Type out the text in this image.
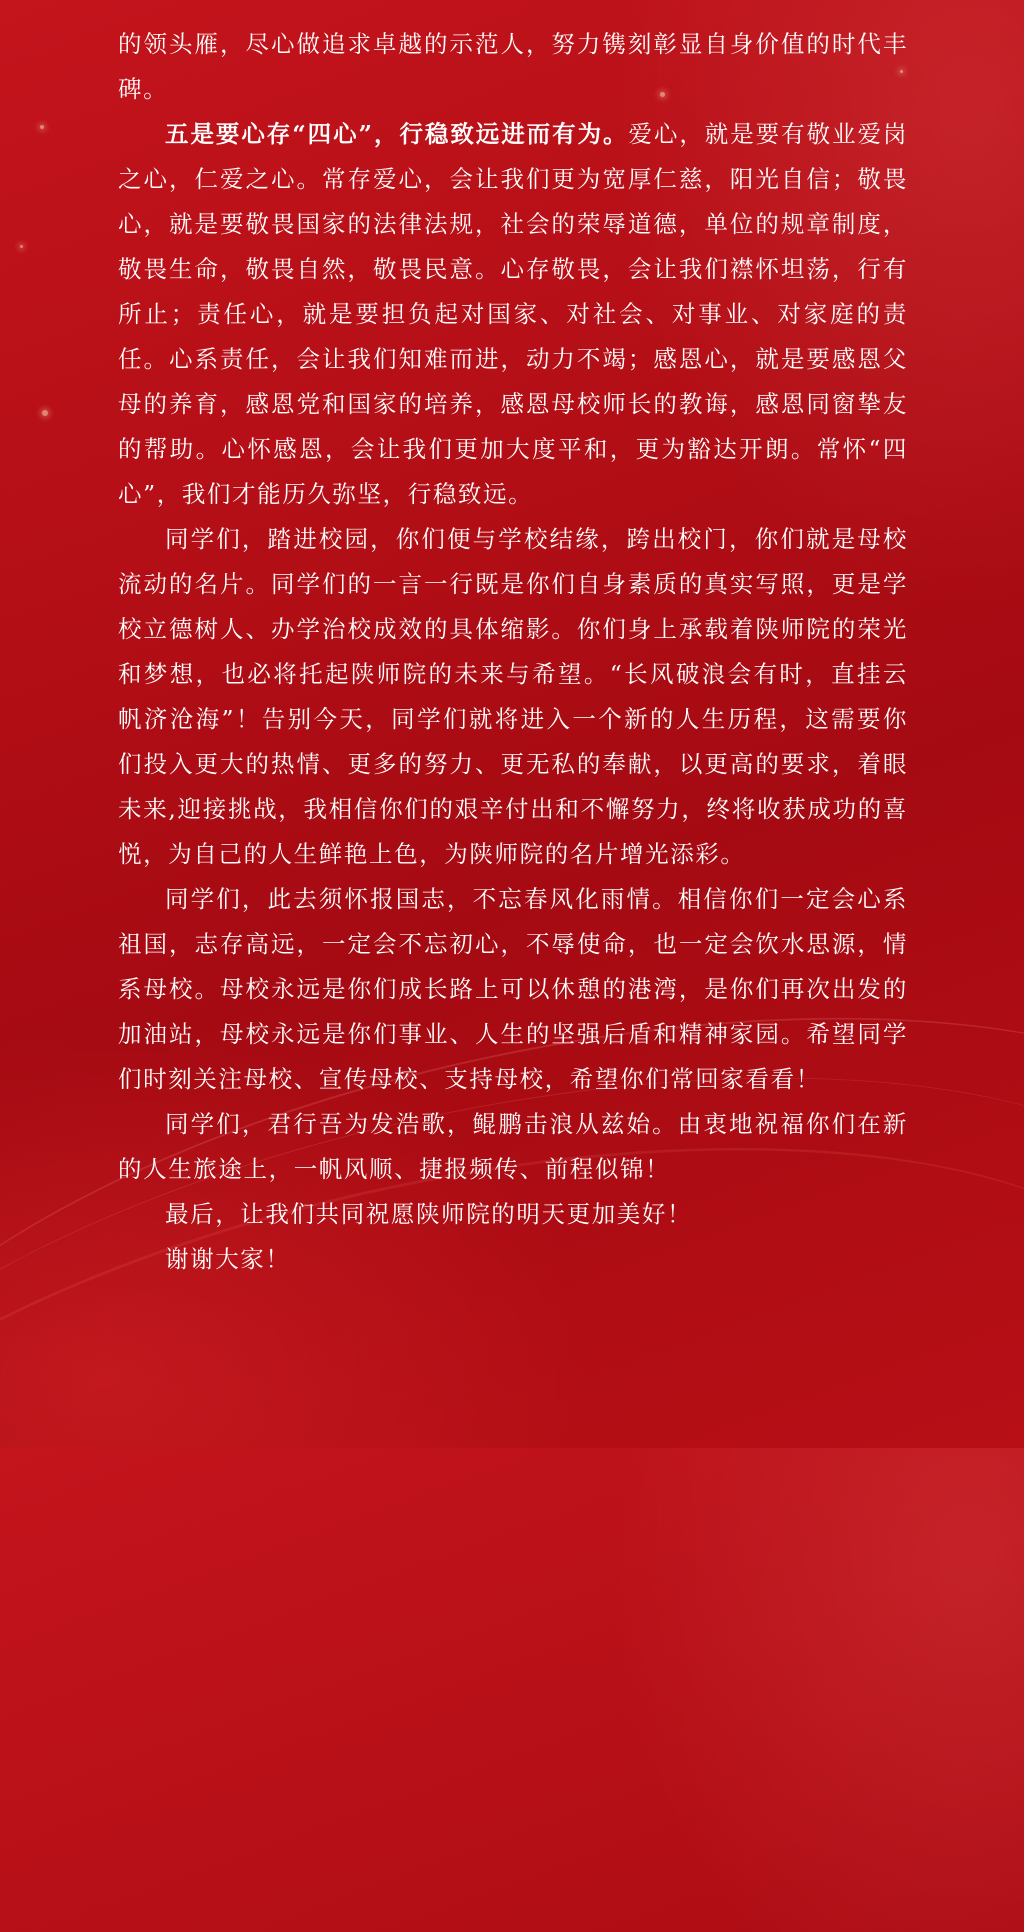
的领头雁，尽心做追求卓越的示范人，努力镌刻彰显自身价值的时代丰碑。

五是要心存“四心”，行稳致远进而有为。爱心，就是要有敬业爱岗之心，仁爱之心。常存爱心，会让我们更为宽厚仁慈，阳光自信；敬畏心，就是要敬畏国家的法律法规，社会的荣辱道德，单位的规章制度，敬畏生命，敬畏自然，敬畏民意。心存敬畏，会让我们襟怀坦荡，行有所止；责任心，就是要担负起对国家、对社会、对事业、对家庭的责任。心系责任，会让我们知难而进，动力不竭；感恩心，就是要感恩父母的养育，感恩党和国家的培养，感恩母校师长的教诲，感恩同窗挚友的帮助。心怀感恩，会让我们更加大度平和，更为豁达开朗。常怀“四心”，我们才能历久弥坚，行稳致远。

同学们，踏进校园，你们便与学校结缘，跨出校门，你们就是母校流动的名片。同学们的一言一行既是你们自身素质的真实写照，更是学校立德树人、办学治校成效的具体缩影。你们身上承载着陕师院的荣光和梦想，也必将托起陕师院的未来与希望。“长风破浪会有时，直挂云帆济沧海”！告别今天，同学们就将进入一个新的人生历程，这需要你们投入更大的热情、更多的努力、更无私的奉献，以更高的要求，着眼未来,迎接挑战，我相信你们的艰辛付出和不懈努力，终将收获成功的喜悦，为自己的人生鲜艳上色，为陕师院的名片增光添彩。

同学们，此去须怀报国志，不忘春风化雨情。相信你们一定会心系祖国，志存高远，一定会不忘初心，不辱使命，也一定会饮水思源，情系母校。母校永远是你们成长路上可以休憩的港湾，是你们再次出发的加油站，母校永远是你们事业、人生的坚强后盾和精神家园。希望同学们时刻关注母校、宣传母校、支持母校，希望你们常回家看看！

同学们，君行吾为发浩歌，鲲鹏击浪从兹始。由衷地祝福你们在新的人生旅途上，一帆风顺、捷报频传、前程似锦！

最后，让我们共同祝愿陕师院的明天更加美好！

谢谢大家！
